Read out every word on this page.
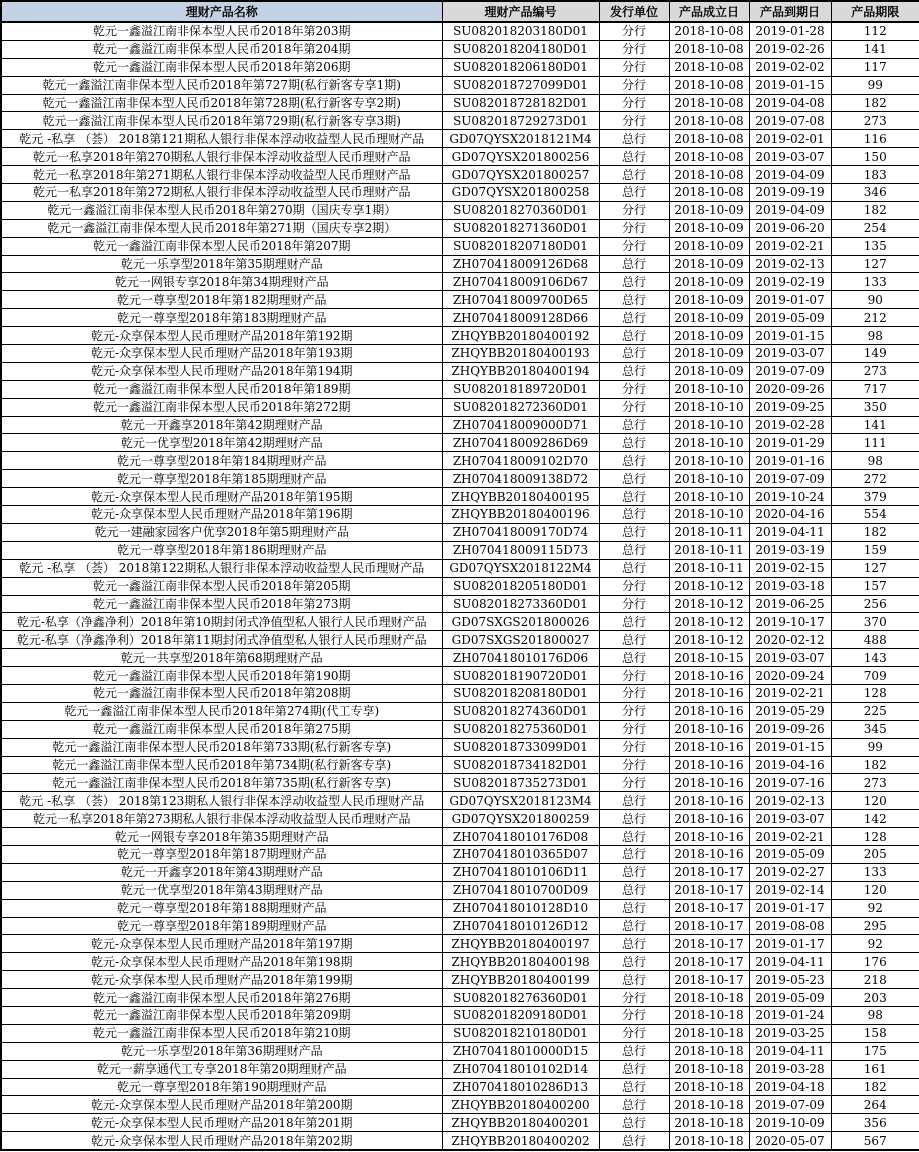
理财产品名称	理财产品编号	发行单位	产品成立日	产品到期日	产品期限
乾元一鑫溢江南非保本型人民币2018年第203期	SU082018203180D01	分行	2018-10-08	2019-01-28	112
乾元一鑫溢江南非保本型人民币2018年第204期	SU082018204180D01	分行	2018-10-08	2019-02-26	141
乾元一鑫溢江南非保本型人民币2018年第206期	SU082018206180D01	分行	2018-10-08	2019-02-02	117
乾元一鑫溢江南非保本型人民币2018年第727期(私行新客专享1期)	SU082018727099D01	分行	2018-10-08	2019-01-15	99
乾元一鑫溢江南非保本型人民币2018年第728期(私行新客专享2期)	SU082018728182D01	分行	2018-10-08	2019-04-08	182
乾元一鑫溢江南非保本型人民币2018年第729期(私行新客专享3期)	SU082018729273D01	分行	2018-10-08	2019-07-08	273
乾元 -私享 （荟） 2018第121期私人银行非保本浮动收益型人民币理财产品	GD07QYSX2018121M4	总行	2018-10-08	2019-02-01	116
乾元一私享2018年第270期私人银行非保本浮动收益型人民币理财产品	GD07QYSX201800256	总行	2018-10-08	2019-03-07	150
乾元一私享2018年第271期私人银行非保本浮动收益型人民币理财产品	GD07QYSX201800257	总行	2018-10-08	2019-04-09	183
乾元一私享2018年第272期私人银行非保本浮动收益型人民币理财产品	GD07QYSX201800258	总行	2018-10-08	2019-09-19	346
乾元一鑫溢江南非保本型人民币2018年第270期（国庆专享1期）	SU082018270360D01	分行	2018-10-09	2019-04-09	182
乾元一鑫溢江南非保本型人民币2018年第271期（国庆专享2期）	SU082018271360D01	分行	2018-10-09	2019-06-20	254
乾元一鑫溢江南非保本型人民币2018年第207期	SU082018207180D01	分行	2018-10-09	2019-02-21	135
乾元一乐享型2018年第35期理财产品	ZH070418009126D68	总行	2018-10-09	2019-02-13	127
乾元一网银专享2018年第34期理财产品	ZH070418009106D67	总行	2018-10-09	2019-02-19	133
乾元一尊享型2018年第182期理财产品	ZH070418009700D65	总行	2018-10-09	2019-01-07	90
乾元一尊享型2018年第183期理财产品	ZH070418009128D66	总行	2018-10-09	2019-05-09	212
乾元-众享保本型人民币理财产品2018年第192期	ZHQYBB20180400192	总行	2018-10-09	2019-01-15	98
乾元-众享保本型人民币理财产品2018年第193期	ZHQYBB20180400193	总行	2018-10-09	2019-03-07	149
乾元-众享保本型人民币理财产品2018年第194期	ZHQYBB20180400194	总行	2018-10-09	2019-07-09	273
乾元一鑫溢江南非保本型人民币2018年第189期	SU082018189720D01	分行	2018-10-10	2020-09-26	717
乾元一鑫溢江南非保本型人民币2018年第272期	SU082018272360D01	分行	2018-10-10	2019-09-25	350
乾元一开鑫享2018年第42期理财产品	ZH070418009000D71	总行	2018-10-10	2019-02-28	141
乾元一优享型2018年第42期理财产品	ZH070418009286D69	总行	2018-10-10	2019-01-29	111
乾元一尊享型2018年第184期理财产品	ZH070418009102D70	总行	2018-10-10	2019-01-16	98
乾元一尊享型2018年第185期理财产品	ZH070418009138D72	总行	2018-10-10	2019-07-09	272
乾元-众享保本型人民币理财产品2018年第195期	ZHQYBB20180400195	总行	2018-10-10	2019-10-24	379
乾元-众享保本型人民币理财产品2018年第196期	ZHQYBB20180400196	总行	2018-10-10	2020-04-16	554
乾元一建融家园客户优享2018年第5期理财产品	ZH070418009170D74	总行	2018-10-11	2019-04-11	182
乾元一尊享型2018年第186期理财产品	ZH070418009115D73	总行	2018-10-11	2019-03-19	159
乾元 -私享 （荟） 2018第122期私人银行非保本浮动收益型人民币理财产品	GD07QYSX2018122M4	总行	2018-10-11	2019-02-15	127
乾元一鑫溢江南非保本型人民币2018年第205期	SU082018205180D01	分行	2018-10-12	2019-03-18	157
乾元一鑫溢江南非保本型人民币2018年第273期	SU082018273360D01	分行	2018-10-12	2019-06-25	256
乾元-私享（净鑫净利）2018年第10期封闭式净值型私人银行人民币理财产品	GD07SXGS201800026	总行	2018-10-12	2019-10-17	370
乾元-私享（净鑫净利）2018年第11期封闭式净值型私人银行人民币理财产品	GD07SXGS201800027	总行	2018-10-12	2020-02-12	488
乾元一共享型2018年第68期理财产品	ZH070418010176D06	总行	2018-10-15	2019-03-07	143
乾元一鑫溢江南非保本型人民币2018年第190期	SU082018190720D01	分行	2018-10-16	2020-09-24	709
乾元一鑫溢江南非保本型人民币2018年第208期	SU082018208180D01	分行	2018-10-16	2019-02-21	128
乾元一鑫溢江南非保本型人民币2018年第274期(代工专享)	SU082018274360D01	分行	2018-10-16	2019-05-29	225
乾元一鑫溢江南非保本型人民币2018年第275期	SU082018275360D01	分行	2018-10-16	2019-09-26	345
乾元一鑫溢江南非保本型人民币2018年第733期(私行新客专享)	SU082018733099D01	分行	2018-10-16	2019-01-15	99
乾元一鑫溢江南非保本型人民币2018年第734期(私行新客专享)	SU082018734182D01	分行	2018-10-16	2019-04-16	182
乾元一鑫溢江南非保本型人民币2018年第735期(私行新客专享)	SU082018735273D01	分行	2018-10-16	2019-07-16	273
乾元 -私享 （荟） 2018第123期私人银行非保本浮动收益型人民币理财产品	GD07QYSX2018123M4	总行	2018-10-16	2019-02-13	120
乾元一私享2018年第273期私人银行非保本浮动收益型人民币理财产品	GD07QYSX201800259	总行	2018-10-16	2019-03-07	142
乾元一网银专享2018年第35期理财产品	ZH070418010176D08	总行	2018-10-16	2019-02-21	128
乾元一尊享型2018年第187期理财产品	ZH070418010365D07	总行	2018-10-16	2019-05-09	205
乾元一开鑫享2018年第43期理财产品	ZH070418010106D11	总行	2018-10-17	2019-02-27	133
乾元一优享型2018年第43期理财产品	ZH070418010700D09	总行	2018-10-17	2019-02-14	120
乾元一尊享型2018年第188期理财产品	ZH070418010128D10	总行	2018-10-17	2019-01-17	92
乾元一尊享型2018年第189期理财产品	ZH070418010126D12	总行	2018-10-17	2019-08-08	295
乾元-众享保本型人民币理财产品2018年第197期	ZHQYBB20180400197	总行	2018-10-17	2019-01-17	92
乾元-众享保本型人民币理财产品2018年第198期	ZHQYBB20180400198	总行	2018-10-17	2019-04-11	176
乾元-众享保本型人民币理财产品2018年第199期	ZHQYBB20180400199	总行	2018-10-17	2019-05-23	218
乾元一鑫溢江南非保本型人民币2018年第276期	SU082018276360D01	分行	2018-10-18	2019-05-09	203
乾元一鑫溢江南非保本型人民币2018年第209期	SU082018209180D01	分行	2018-10-18	2019-01-24	98
乾元一鑫溢江南非保本型人民币2018年第210期	SU082018210180D01	分行	2018-10-18	2019-03-25	158
乾元一乐享型2018年第36期理财产品	ZH070418010000D15	总行	2018-10-18	2019-04-11	175
乾元一薪享通代工专享2018年第20期理财产品	ZH070418010102D14	总行	2018-10-18	2019-03-28	161
乾元一尊享型2018年第190期理财产品	ZH070418010286D13	总行	2018-10-18	2019-04-18	182
乾元-众享保本型人民币理财产品2018年第200期	ZHQYBB20180400200	总行	2018-10-18	2019-07-09	264
乾元-众享保本型人民币理财产品2018年第201期	ZHQYBB20180400201	总行	2018-10-18	2019-10-09	356
乾元-众享保本型人民币理财产品2018年第202期	ZHQYBB20180400202	总行	2018-10-18	2020-05-07	567
